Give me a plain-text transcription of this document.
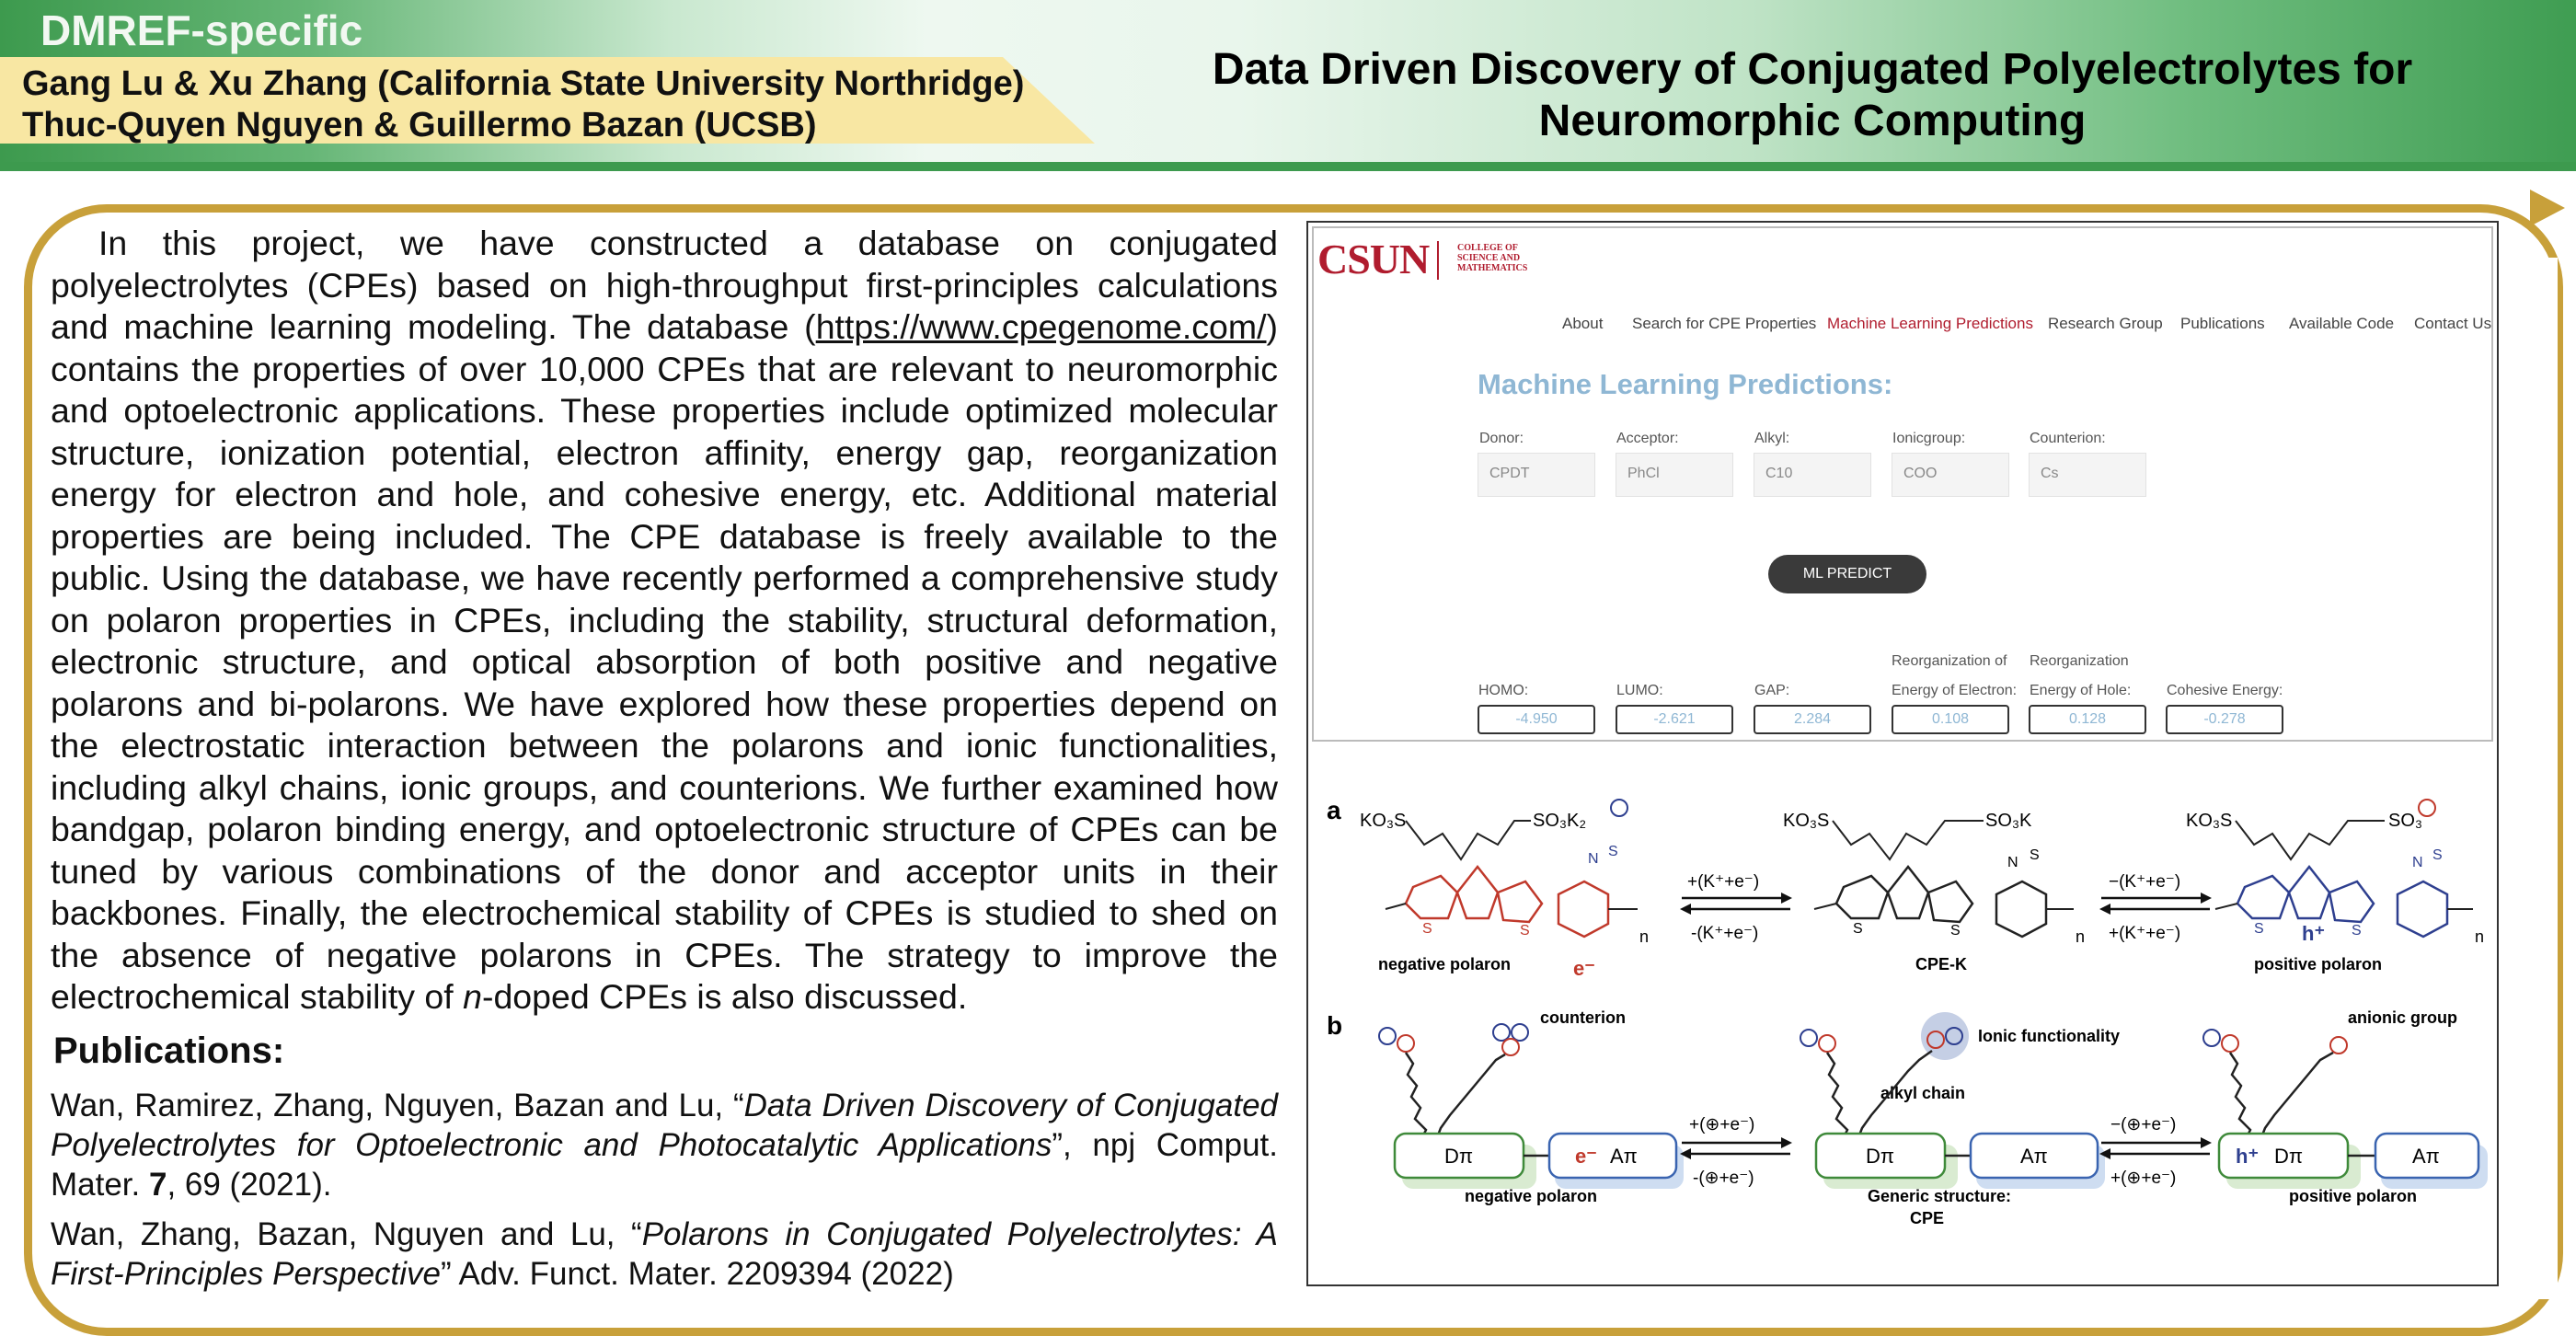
DMREF-specific
Gang Lu & Xu Zhang (California State University Northridge)
Thuc-Quyen Nguyen & Guillermo Bazan (UCSB)
Data Driven Discovery of Conjugated Polyelectrolytes for
Neuromorphic Computing
In this project, we have constructed a database on conjugated polyelectrolytes (CPEs) based on high-throughput first-principles calculations and machine learning modeling. The database (https://www.cpegenome.com/) contains the properties of over 10,000 CPEs that are relevant to neuromorphic and optoelectronic applications. These properties include optimized molecular structure, ionization potential, electron affinity, energy gap, reorganization energy for electron and hole, and cohesive energy, etc. Additional material properties are being included. The CPE database is freely available to the public. Using the database, we have recently performed a comprehensive study on polaron properties in CPEs, including the stability, structural deformation, electronic structure, and optical absorption of both positive and negative polarons and bi-polarons. We have explored how these properties depend on the electrostatic interaction between the polarons and ionic functionalities, including alkyl chains, ionic groups, and counterions. We further examined how bandgap, polaron binding energy, and optoelectronic structure of CPEs can be tuned by various combinations of the donor and acceptor units in their backbones. Finally, the electrochemical stability of CPEs is studied to shed on the absence of negative polarons in CPEs. The strategy to improve the electrochemical stability of n-doped CPEs is also discussed.
Publications:
Wan, Ramirez, Zhang, Nguyen, Bazan and Lu, “Data Driven Discovery of Conjugated Polyelectrolytes for Optoelectronic and Photocatalytic Applications”, npj Comput. Mater. 7, 69 (2021).
Wan, Zhang, Bazan, Nguyen and Lu, “Polarons in Conjugated Polyelectrolytes: A First-Principles Perspective” Adv. Funct. Mater. 2209394 (2022)
CSUN	COLLEGE OF
SCIENCE AND
MATHEMATICS
About Search for CPE Properties Machine Learning Predictions Research Group Publications Available Code Contact Us
Machine Learning Predictions:
Donor:	Acceptor:	Alkyl:	Ionicgroup:	Counterion:
CPDT	PhCl	C10	COO	Cs
ML PREDICT
Reorganization of Reorganization
HOMO:	LUMO:	GAP:	Energy of Electron: Energy of Hole: Cohesive Energy:
-4.950	-2.621	2.284	0.108	0.128	-0.278
a
b
KO₃S	SO₃K₂
S	S
N S
n
negative polaron	e⁻
+(K⁺+e⁻)
-(K⁺+e⁻)
KO₃S	SO₃K
S	S
N S
n
CPE-K
−(K⁺+e⁻)
+(K⁺+e⁻)
KO₃S	SO₃
S	S
N S
n
h⁺
positive polaron
counterion
Dπ	e⁻ Aπ
negative polaron
+(⊕+e⁻)
-(⊕+e⁻)
Ionic functionality
alkyl chain
Dπ	Aπ
Generic structure:
CPE
−(⊕+e⁻)
+(⊕+e⁻)
anionic group
h⁺ Dπ	Aπ
positive polaron
